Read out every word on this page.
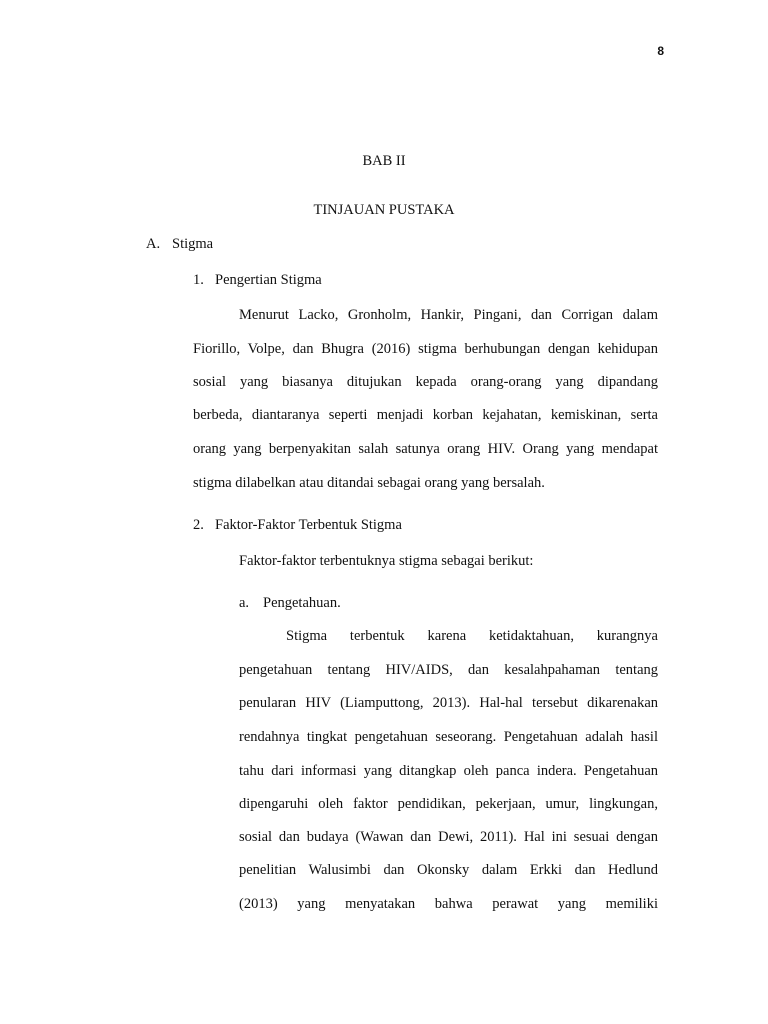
8
BAB II
TINJAUAN PUSTAKA
A. Stigma
1. Pengertian Stigma
Menurut Lacko, Gronholm, Hankir, Pingani, dan Corrigan dalam
Fiorillo, Volpe, dan Bhugra (2016) stigma berhubungan dengan kehidupan
sosial yang biasanya ditujukan kepada orang-orang yang dipandang
berbeda, diantaranya seperti menjadi korban kejahatan, kemiskinan, serta
orang yang berpenyakitan salah satunya orang HIV. Orang yang mendapat
stigma dilabelkan atau ditandai sebagai orang yang bersalah.
2. Faktor-Faktor Terbentuk Stigma
Faktor-faktor terbentuknya stigma sebagai berikut:
a. Pengetahuan.
Stigma terbentuk karena ketidaktahuan, kurangnya
pengetahuan tentang HIV/AIDS, dan kesalahpahaman tentang
penularan HIV (Liamputtong, 2013). Hal-hal tersebut dikarenakan
rendahnya tingkat pengetahuan seseorang. Pengetahuan adalah hasil
tahu dari informasi yang ditangkap oleh panca indera. Pengetahuan
dipengaruhi oleh faktor pendidikan, pekerjaan, umur, lingkungan,
sosial dan budaya (Wawan dan Dewi, 2011). Hal ini sesuai dengan
penelitian Walusimbi dan Okonsky dalam Erkki dan Hedlund
(2013) yang menyatakan bahwa perawat yang memiliki
